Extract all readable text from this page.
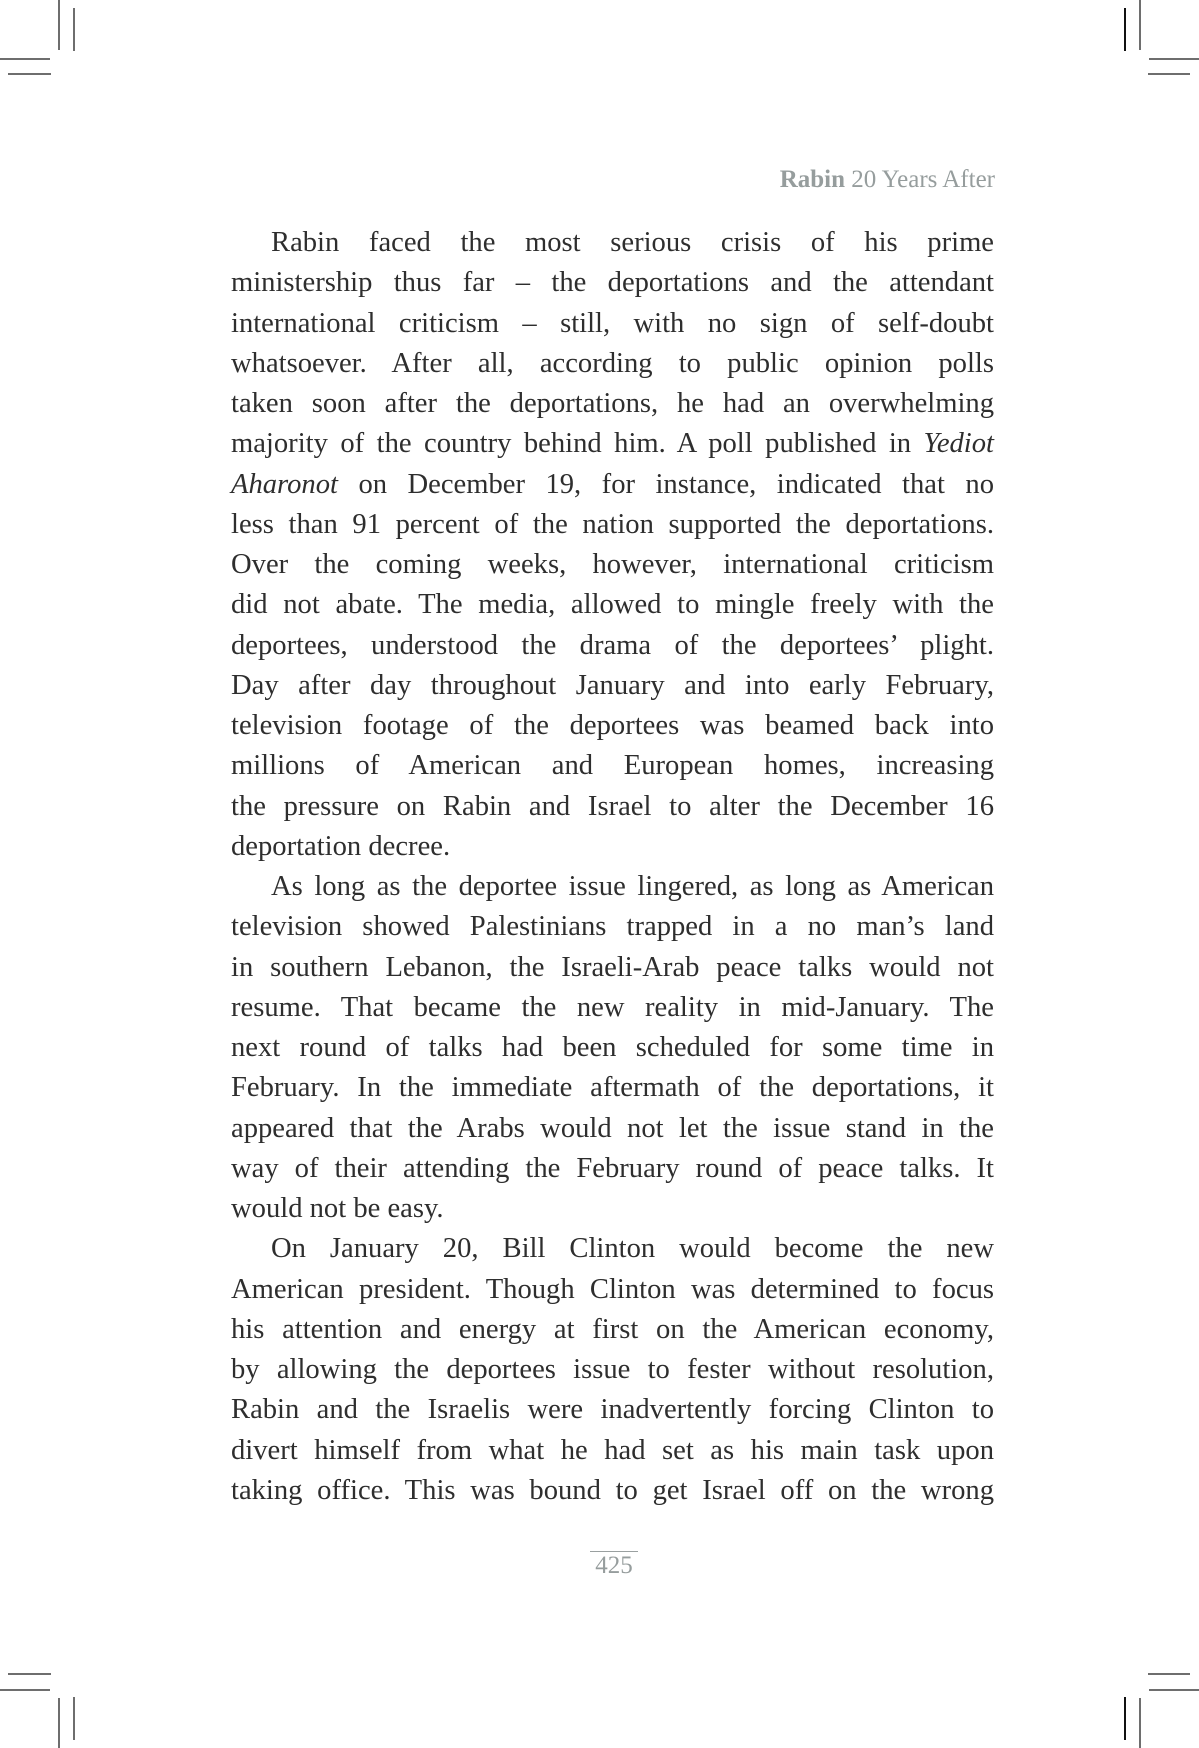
Rabin 20 Years After
Rabin faced the most serious crisis of his prime
ministership thus far – the deportations and the attendant
international criticism – still, with no sign of self-doubt
whatsoever. After all, according to public opinion polls
taken soon after the deportations, he had an overwhelming
majority of the country behind him. A poll published in Yediot
Aharonot on December 19, for instance, indicated that no
less than 91 percent of the nation supported the deportations.
Over the coming weeks, however, international criticism
did not abate. The media, allowed to mingle freely with the
deportees, understood the drama of the deportees’ plight.
Day after day throughout January and into early February,
television footage of the deportees was beamed back into
millions of American and European homes, increasing
the pressure on Rabin and Israel to alter the December 16
deportation decree.
As long as the deportee issue lingered, as long as American
television showed Palestinians trapped in a no man’s land
in southern Lebanon, the Israeli-Arab peace talks would not
resume. That became the new reality in mid-January. The
next round of talks had been scheduled for some time in
February. In the immediate aftermath of the deportations, it
appeared that the Arabs would not let the issue stand in the
way of their attending the February round of peace talks. It
would not be easy.
On January 20, Bill Clinton would become the new
American president. Though Clinton was determined to focus
his attention and energy at first on the American economy,
by allowing the deportees issue to fester without resolution,
Rabin and the Israelis were inadvertently forcing Clinton to
divert himself from what he had set as his main task upon
taking office. This was bound to get Israel off on the wrong
425
